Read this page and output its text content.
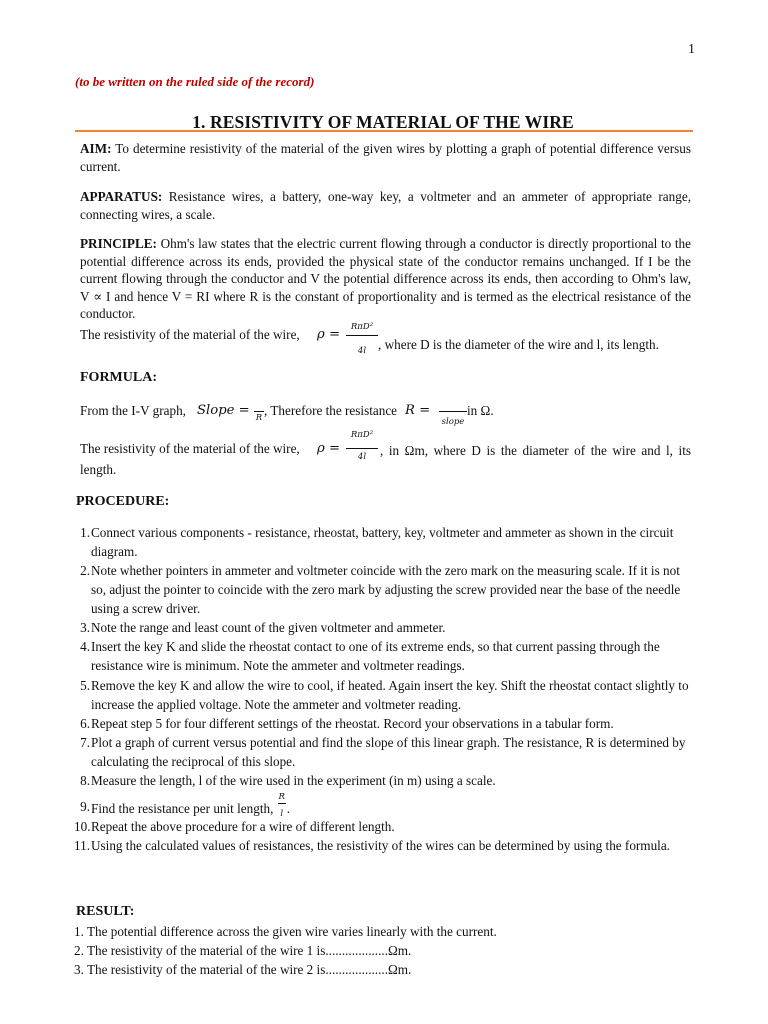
1
(to be written on the ruled side of the record)
1. RESISTIVITY OF MATERIAL OF THE WIRE
AIM: To determine resistivity of the material of the given wires by plotting a graph of potential difference versus current.
APPARATUS: Resistance wires, a battery, one-way key, a voltmeter and an ammeter of appropriate range, connecting wires, a scale.
PRINCIPLE: Ohm's law states that the electric current flowing through a conductor is directly proportional to the potential difference across its ends, provided the physical state of the conductor remains unchanged. If I be the current flowing through the conductor and V the potential difference across its ends, then according to Ohm's law, V ∝ I and hence V = RI where R is the constant of proportionality and is termed as the electrical resistance of the conductor.
The resistivity of the material of the wire, ρ =	RπD²
4l , where D is the diameter of the wire and l, its length.
FORMULA:
From the I-V graph, Slope = R , Therefore the resistance R =
slope
in Ω.
The resistivity of the material of the wire, ρ =
RπD²
4l	, in Ωm, where D is the diameter of the wire and l, its length.
PROCEDURE:
1. Connect various components - resistance, rheostat, battery, key, voltmeter and ammeter as shown in the circuit diagram.
2. Note whether pointers in ammeter and voltmeter coincide with the zero mark on the measuring scale. If it is not so, adjust the pointer to coincide with the zero mark by adjusting the screw provided near the base of the needle using a screw driver.
3. Note the range and least count of the given voltmeter and ammeter.
4. Insert the key K and slide the rheostat contact to one of its extreme ends, so that current passing through the resistance wire is minimum. Note the ammeter and voltmeter readings.
5. Remove the key K and allow the wire to cool, if heated. Again insert the key. Shift the rheostat contact slightly to increase the applied voltage. Note the ammeter and voltmeter reading.
6. Repeat step 5 for four different settings of the rheostat. Record your observations in a tabular form.
7. Plot a graph of current versus potential and find the slope of this linear graph. The resistance, R is determined by calculating the reciprocal of this slope.
8. Measure the length, l of the wire used in the experiment (in m) using a scale.
9. Find the resistance per unit length, $\frac{R}{l}$ .
10. Repeat the above procedure for a wire of different length.
11. Using the calculated values of resistances, the resistivity of the wires can be determined by using the formula.
RESULT:
1. The potential difference across the given wire varies linearly with the current.
2. The resistivity of the material of the wire 1 is...................Ωm.
3. The resistivity of the material of the wire 2 is...................Ωm.
